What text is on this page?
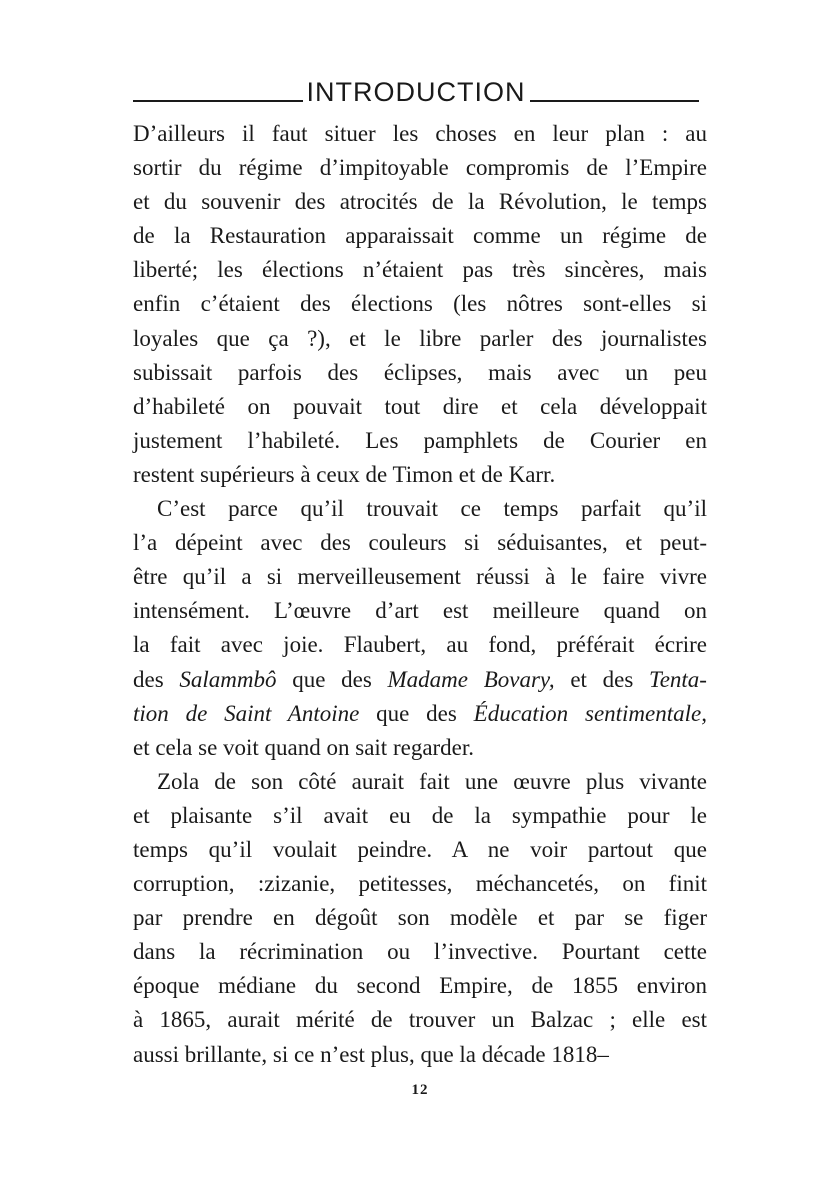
INTRODUCTION
D’ailleurs il faut situer les choses en leur plan : au
sortir du régime d’impitoyable compromis de l’Empire
et du souvenir des atrocités de la Révolution, le temps
de la Restauration apparaissait comme un régime de
liberté; les élections n’étaient pas très sincères, mais
enfin c’étaient des élections (les nôtres sont-elles si
loyales que ça ?), et le libre parler des journalistes
subissait parfois des éclipses, mais avec un peu
d’habileté on pouvait tout dire et cela développait
justement l’habileté. Les pamphlets de Courier en
restent supérieurs à ceux de Timon et de Karr.
C’est parce qu’il trouvait ce temps parfait qu’il
l’a dépeint avec des couleurs si séduisantes, et peut-
être qu’il a si merveilleusement réussi à le faire vivre
intensément. L’œuvre d’art est meilleure quand on
la fait avec joie. Flaubert, au fond, préférait écrire
des Salammbô que des Madame Bovary, et des Tenta-
tion de Saint Antoine que des Éducation sentimentale,
et cela se voit quand on sait regarder.
Zola de son côté aurait fait une œuvre plus vivante
et plaisante s’il avait eu de la sympathie pour le
temps qu’il voulait peindre. A ne voir partout que
corruption, :zizanie, petitesses, méchancetés, on finit
par prendre en dégoût son modèle et par se figer
dans la récrimination ou l’invective. Pourtant cette
époque médiane du second Empire, de 1855 environ
à 1865, aurait mérité de trouver un Balzac ; elle est
aussi brillante, si ce n’est plus, que la décade 1818–
12
